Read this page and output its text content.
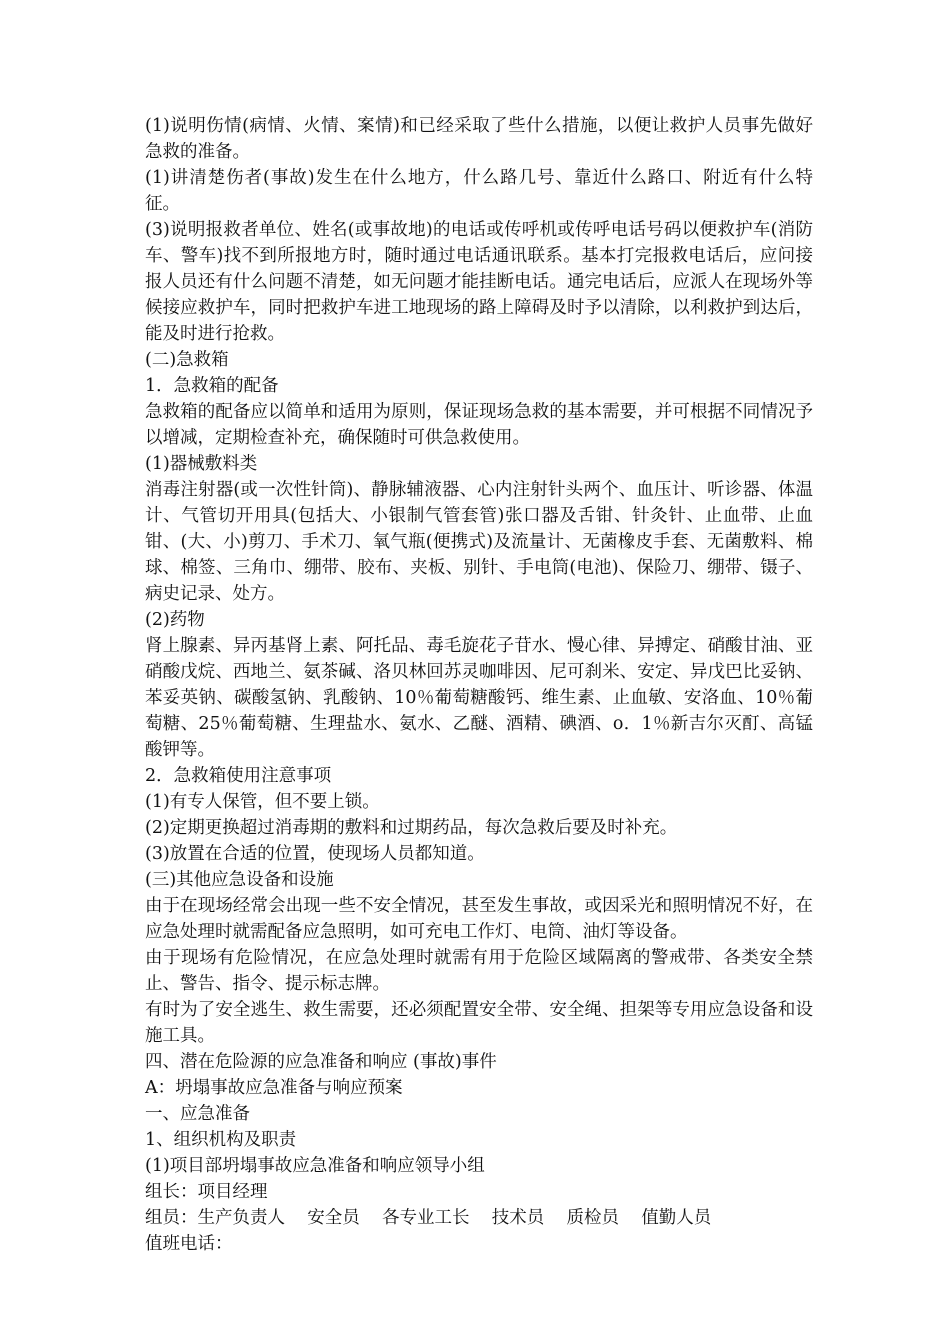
(1)说明伤情(病情、火情、案情)和已经采取了些什么措施，以便让救护人员事先做好急救的准备。

(1)讲清楚伤者(事故)发生在什么地方，什么路几号、靠近什么路口、附近有什么特征。

(3)说明报救者单位、姓名(或事故地)的电话或传呼机或传呼电话号码以便救护车(消防车、警车)找不到所报地方时，随时通过电话通讯联系。基本打完报救电话后，应问接报人员还有什么问题不清楚，如无问题才能挂断电话。通完电话后，应派人在现场外等候接应救护车，同时把救护车进工地现场的路上障碍及时予以清除，以利救护到达后，能及时进行抢救。

(二)急救箱

1．急救箱的配备

急救箱的配备应以简单和适用为原则，保证现场急救的基本需要，并可根据不同情况予以增减，定期检查补充，确保随时可供急救使用。

(1)器械敷料类

消毒注射器(或一次性针筒)、静脉辅液器、心内注射针头两个、血压计、听诊器、体温计、气管切开用具(包括大、小银制气管套管)张口器及舌钳、针灸针、止血带、止血钳、(大、小)剪刀、手术刀、氧气瓶(便携式)及流量计、无菌橡皮手套、无菌敷料、棉球、棉签、三角巾、绷带、胶布、夹板、别针、手电筒(电池)、保险刀、绷带、镊子、病史记录、处方。

(2)药物

肾上腺素、异丙基肾上素、阿托品、毒毛旋花子苷水、慢心律、异搏定、硝酸甘油、亚硝酸戊烷、西地兰、氨茶碱、洛贝林回苏灵咖啡因、尼可刹米、安定、异戊巴比妥钠、苯妥英钠、碳酸氢钠、乳酸钠、10％葡萄糖酸钙、维生素、止血敏、安洛血、10％葡萄糖、25％葡萄糖、生理盐水、氨水、乙醚、酒精、碘酒、o．1％新吉尔灭酊、高锰酸钾等。

2．急救箱使用注意事项

(1)有专人保管，但不要上锁。

(2)定期更换超过消毒期的敷料和过期药品，每次急救后要及时补充。

(3)放置在合适的位置，使现场人员都知道。

(三)其他应急设备和设施

由于在现场经常会出现一些不安全情况，甚至发生事故，或因采光和照明情况不好，在应急处理时就需配备应急照明，如可充电工作灯、电筒、油灯等设备。

由于现场有危险情况，在应急处理时就需有用于危险区域隔离的警戒带、各类安全禁止、警告、指令、提示标志牌。

有时为了安全逃生、救生需要，还必须配置安全带、安全绳、担架等专用应急设备和设施工具。

四、潜在危险源的应急准备和响应 (事故)事件

A：坍塌事故应急准备与响应预案

一、应急准备

1、组织机构及职责

(1)项目部坍塌事故应急准备和响应领导小组

组长：项目经理

组员：生产负责人    安全员    各专业工长    技术员    质检员    值勤人员

值班电话：
